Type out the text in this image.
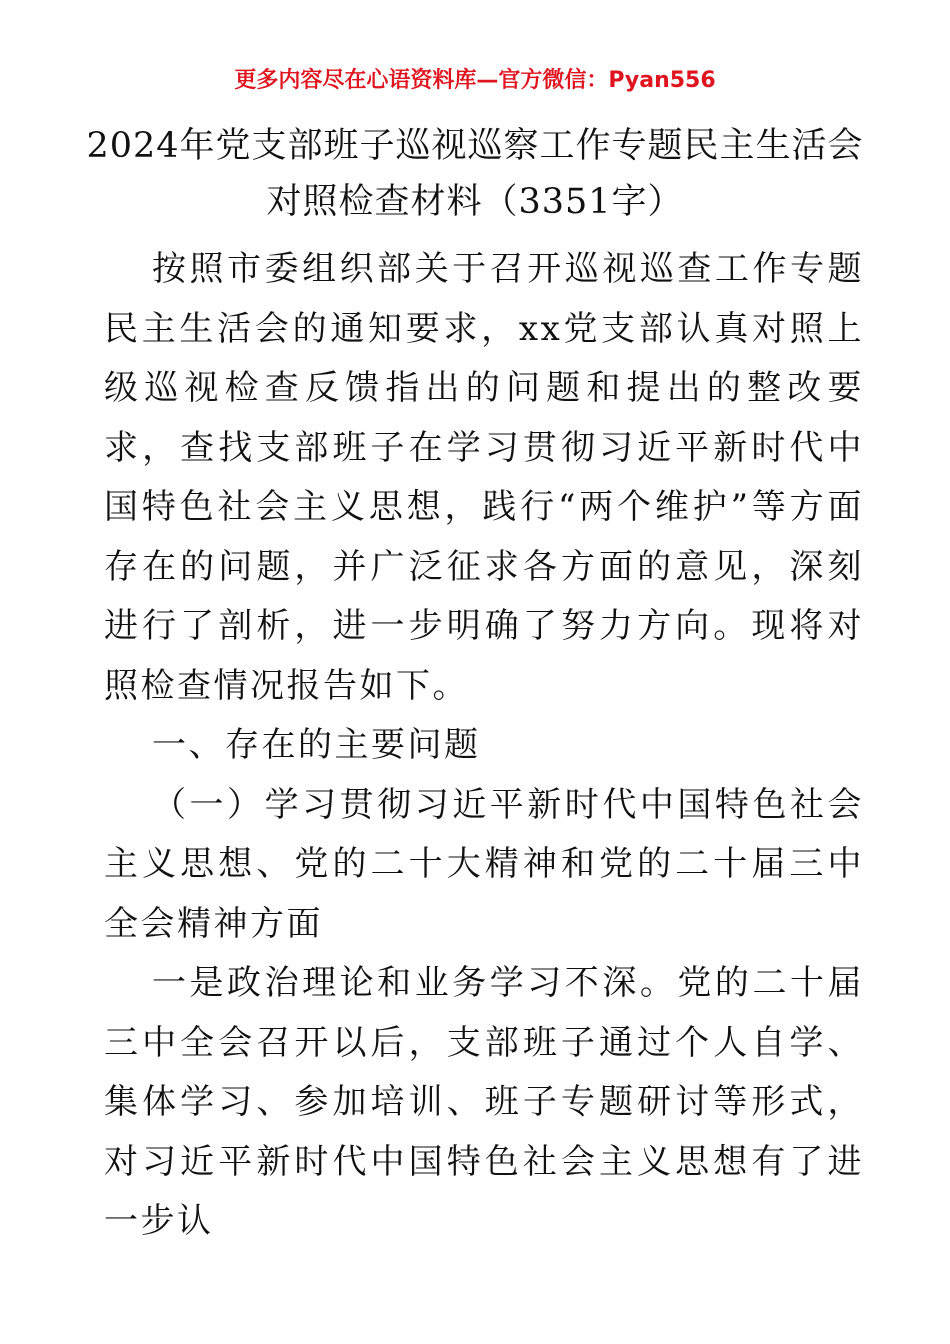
更多内容尽在心语资料库—官方微信：Pyan556
2024年党支部班子巡视巡察工作专题民主生活会
对照检查材料（3351字）

按照市委组织部关于召开巡视巡查工作专题民主生活会的通知要求，xx党支部认真对照上级巡视检查反馈指出的问题和提出的整改要求，查找支部班子在学习贯彻习近平新时代中国特色社会主义思想，践行“两个维护”等方面存在的问题，并广泛征求各方面的意见，深刻进行了剖析，进一步明确了努力方向。现将对照检查情况报告如下。

一、存在的主要问题

（一）学习贯彻习近平新时代中国特色社会主义思想、党的二十大精神和党的二十届三中全会精神方面

一是政治理论和业务学习不深。党的二十届三中全会召开以后，支部班子通过个人自学、集体学习、参加培训、班子专题研讨等形式，对习近平新时代中国特色社会主义思想有了进一步认
